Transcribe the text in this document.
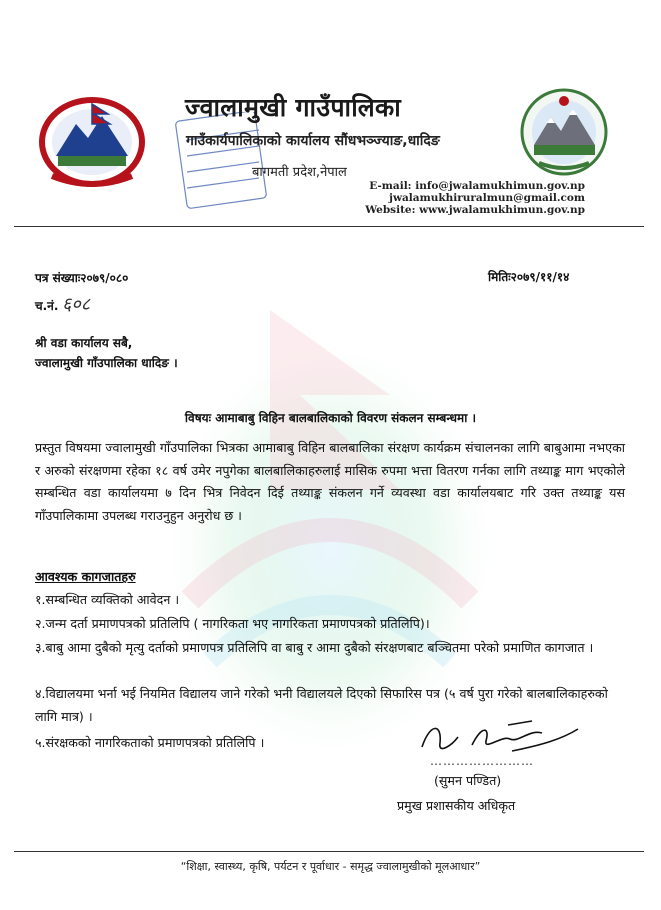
ज्वालामुखी गाउँपालिका
गाउँकार्यपालिकाको कार्यालय सौंधभञ्ज्याङ,धादिङ
बागमती प्रदेश,नेपाल
E-mail: info@jwalamukhimun.gov.np
jwalamukhiruralmun@gmail.com
Website: www.jwalamukhimun.gov.np
पत्र संख्याः२०७९/०८०	मितिः२०७९/११/१४
च.नं. ६०८
श्री वडा कार्यालय सबै,
ज्वालामुखी गाँउपालिका धादिङ ।
विषयः आमाबाबु विहिन बालबालिकाको विवरण संकलन सम्बन्धमा ।
प्रस्तुत विषयमा ज्वालामुखी गाँउपालिका भित्रका आमाबाबु विहिन बालबालिका संरक्षण कार्यक्रम संचालनका लागि बाबुआमा नभएका र अरुको संरक्षणमा रहेका १८ वर्ष उमेर नपुगेका बालबालिकाहरुलाई मासिक रुपमा भत्ता वितरण गर्नका लागि तथ्याङ्क माग भएकोले सम्बन्धित वडा कार्यालयमा ७ दिन भित्र निवेदन दिई तथ्याङ्क संकलन गर्ने व्यवस्था वडा कार्यालयबाट गरि उक्त तथ्याङ्क यस गाँउपालिकामा उपलब्ध गराउनुहुन अनुरोध छ ।
आवश्यक कागजातहरु
१.सम्बन्धित व्यक्तिको आवेदन ।
२.जन्म दर्ता प्रमाणपत्रको प्रतिलिपि ( नागरिकता भए नागरिकता प्रमाणपत्रको प्रतिलिपि)।
३.बाबु आमा दुबैको मृत्यु दर्ताको प्रमाणपत्र प्रतिलिपि वा बाबु र आमा दुबैको संरक्षणबाट बञ्चितमा परेको प्रमाणित कागजात ।
४.विद्यालयमा भर्ना भई नियमित विद्यालय जाने गरेको भनी विद्यालयले दिएको सिफारिस पत्र (५ वर्ष पुरा गरेको बालबालिकाहरुको लागि मात्र) ।
५.संरक्षकको नागरिकताको प्रमाणपत्रको प्रतिलिपि ।
……………………
(सुमन पण्डित)
प्रमुख प्रशासकीय अधिकृत
“शिक्षा, स्वास्थ्य, कृषि, पर्यटन र पूर्वाधार - समृद्ध ज्वालामुखीको मूलआधार”
